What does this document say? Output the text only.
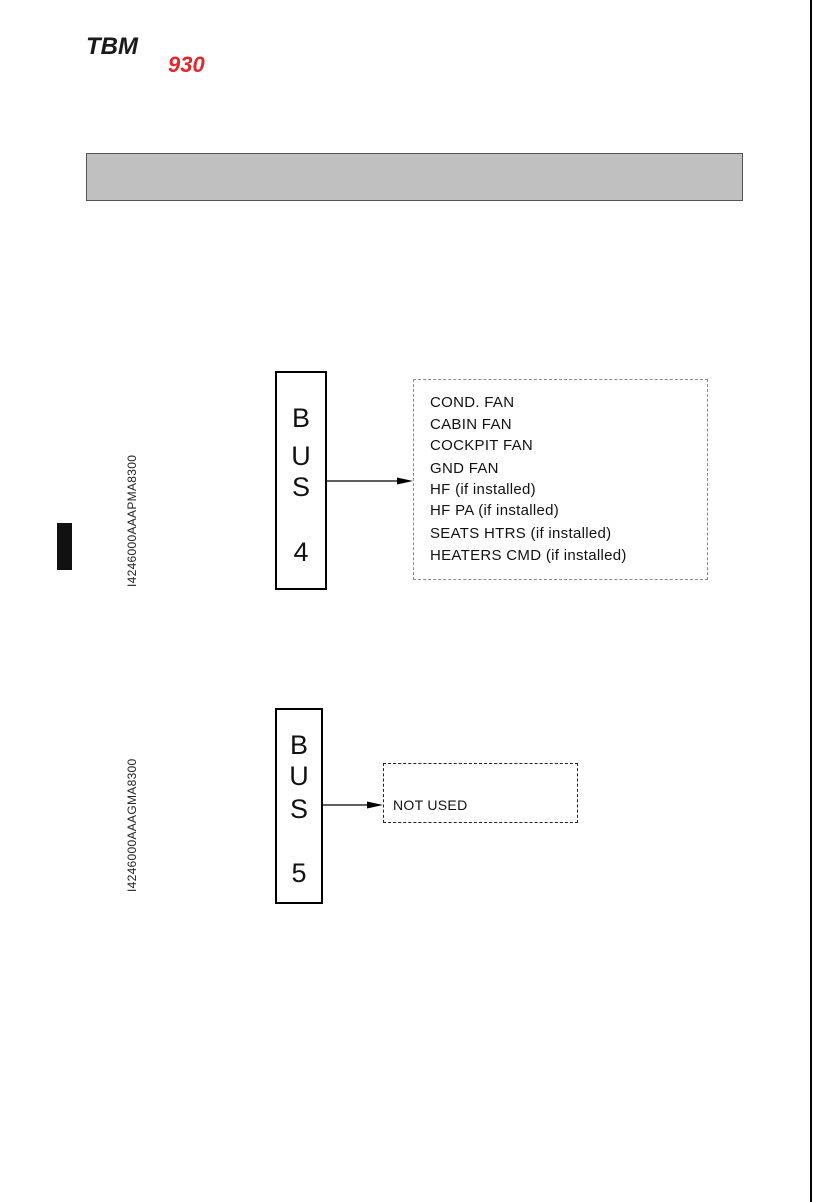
TBM
930
I4246000AAAPMA8300
B
U
S
4
COND. FAN
CABIN FAN
COCKPIT FAN
GND FAN
HF (if installed)
HF PA (if installed)
SEATS HTRS (if installed)
HEATERS CMD (if installed)
I4246000AAAGMA8300
B
U
S
5
NOT USED
